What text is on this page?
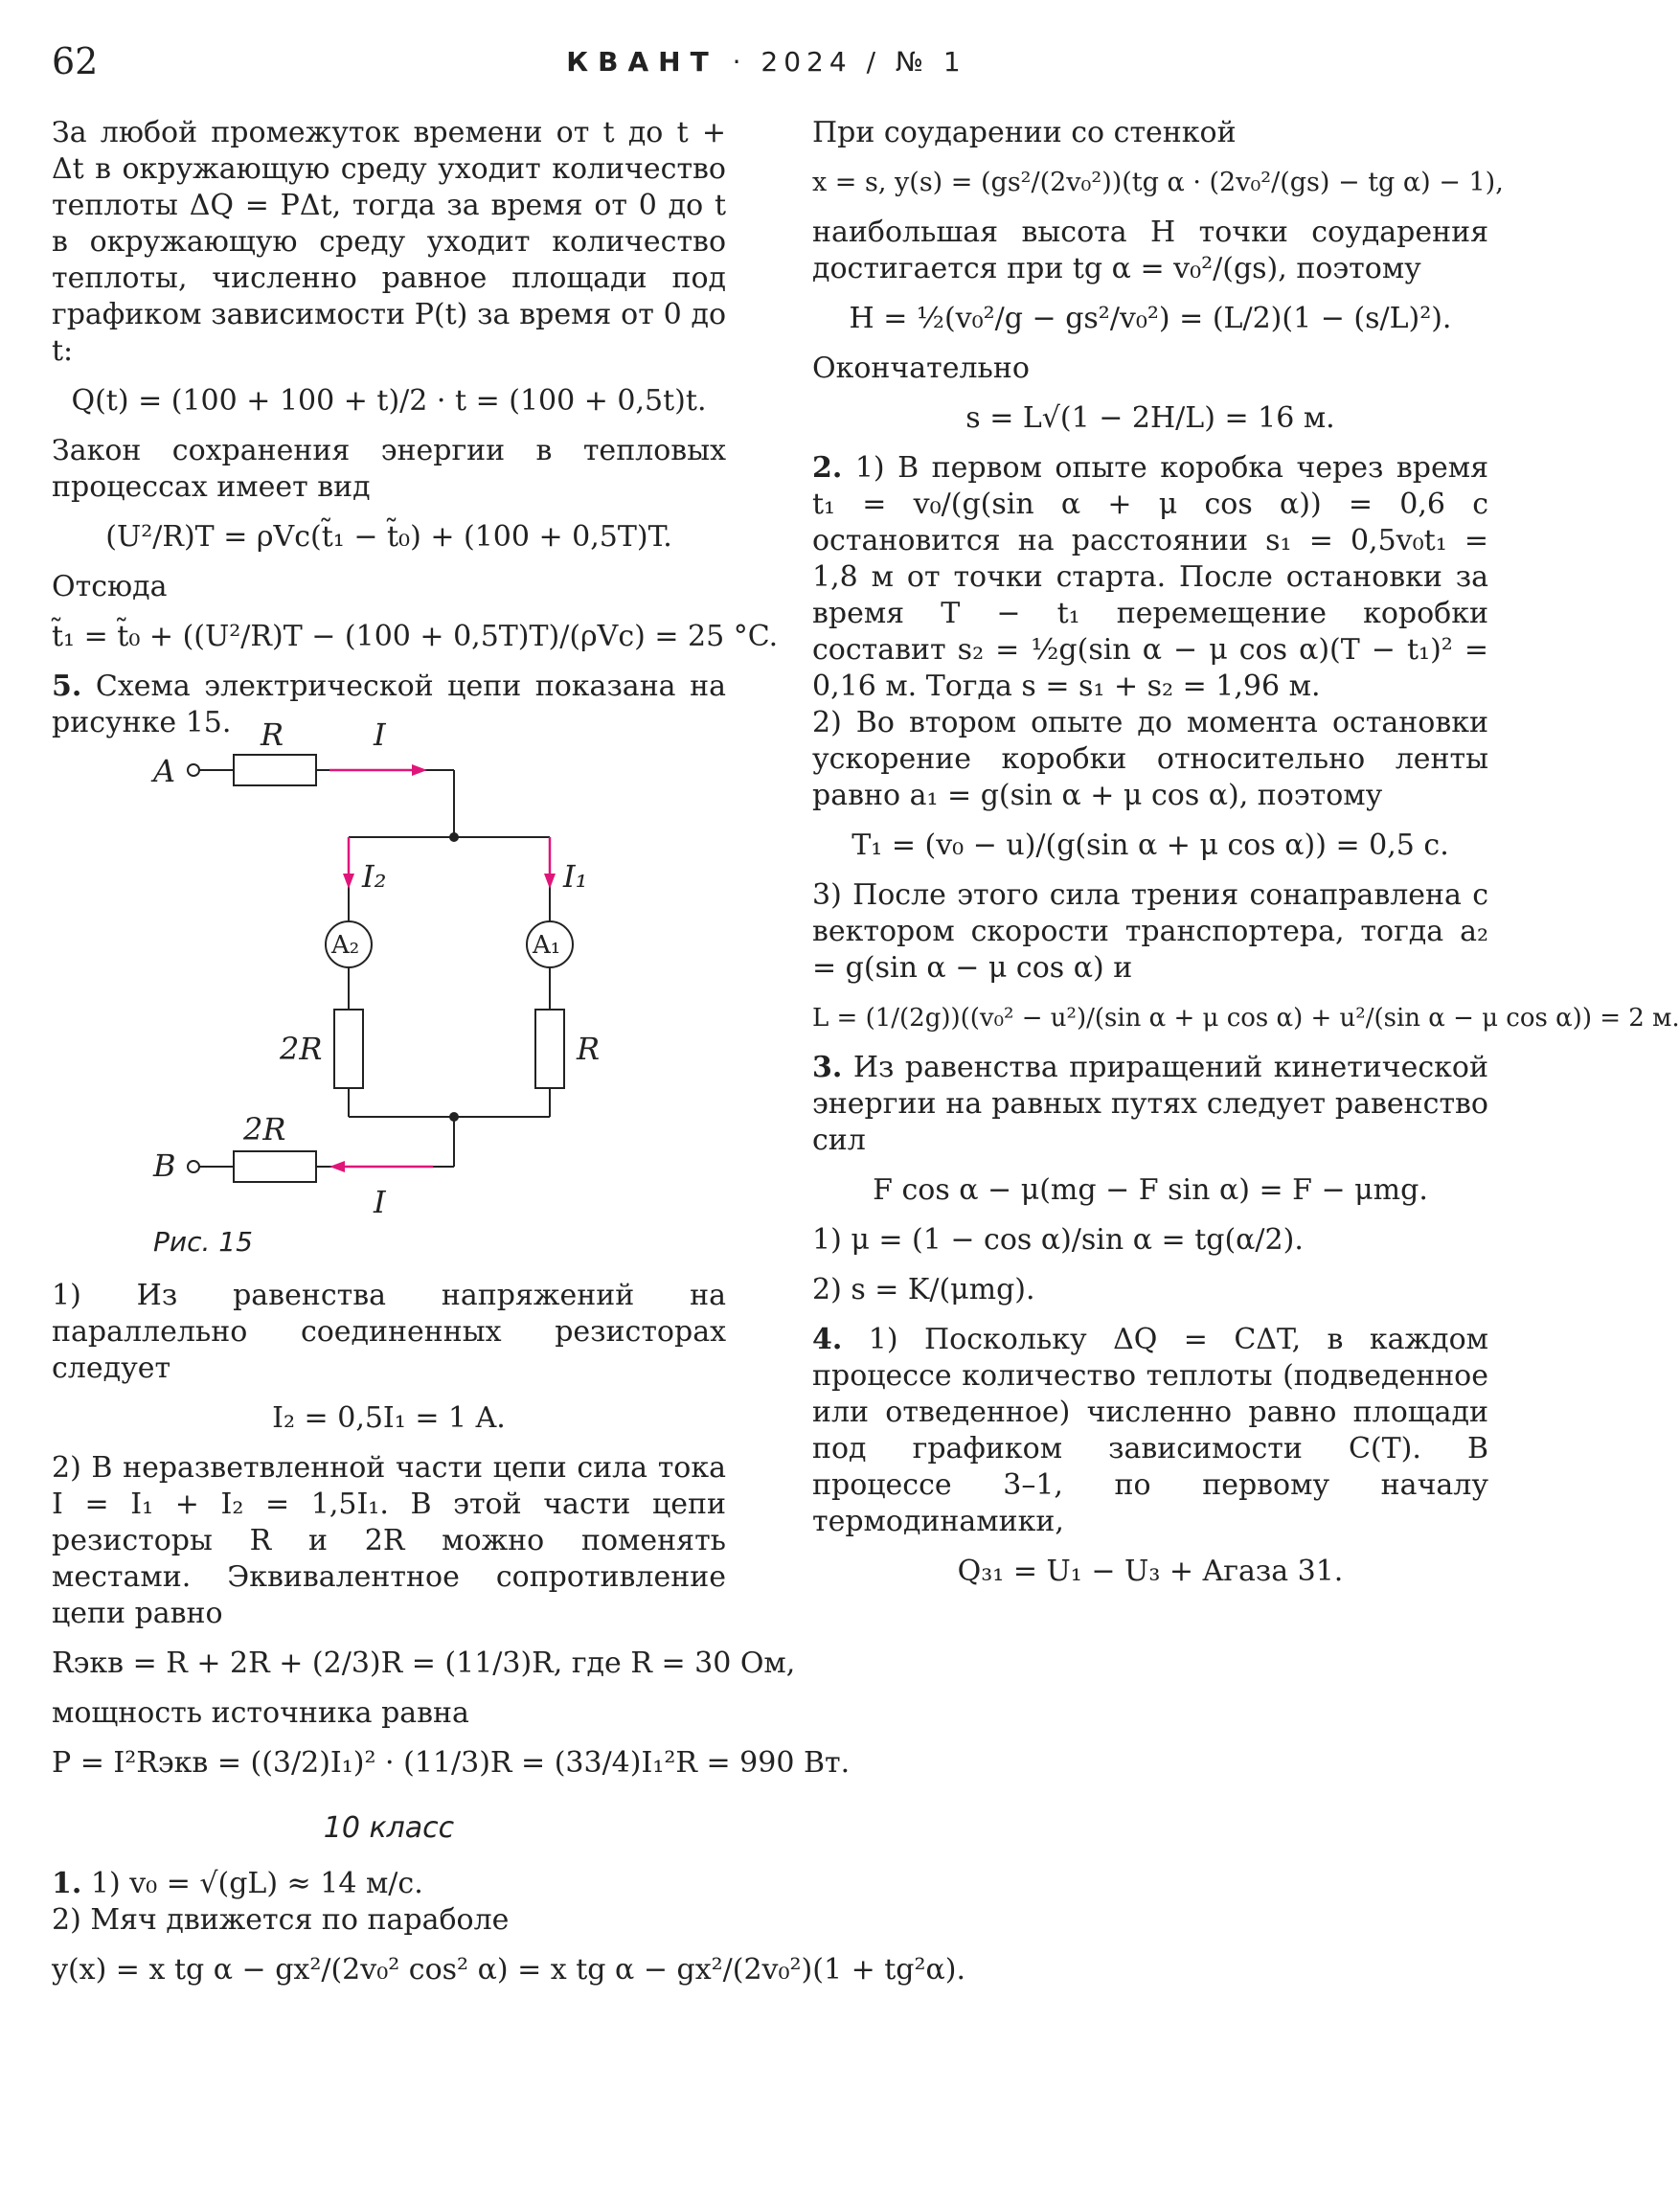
62	КВАНТ · 2024 / № 1

За любой промежуток времени от t до t + Δt в окружающую среду уходит количество теплоты ΔQ = PΔt, тогда за время от 0 до t в окружающую среду уходит количество теплоты, численно равное площади под графиком зависимости P(t) за время от 0 до t:

Q(t) = (100 + 100 + t)/2 · t = (100 + 0,5t)t.

Закон сохранения энергии в тепловых процессах имеет вид

(U²/R)T = ρVc(t̃₁ − t̃₀) + (100 + 0,5T)T.

Отсюда

t̃₁ = t̃₀ + ((U²/R)T − (100 + 0,5T)T)/(ρVc) = 25 °C.

5. Схема электрической цепи показана на рисунке 15.

A
R	I
I₂	I₁
A₂	A₁
2R	R
2R
B
I
Рис. 15

1) Из равенства напряжений на параллельно соединенных резисторах следует

I₂ = 0,5I₁ = 1 A.

2) В неразветвленной части цепи сила тока I = I₁ + I₂ = 1,5I₁. В этой части цепи резисторы R и 2R можно поменять местами. Эквивалентное сопротивление цепи равно

Rэкв = R + 2R + (2/3)R = (11/3)R, где R = 30 Ом,

мощность источника равна

P = I²Rэкв = ((3/2)I₁)² · (11/3)R = (33/4)I₁²R = 990 Вт.
10 класс

1. 1) v₀ = √(gL) ≈ 14 м/с.

2) Мяч движется по параболе

y(x) = x tg α − gx²/(2v₀² cos² α) = x tg α − gx²/(2v₀²)(1 + tg²α).

При соударении со стенкой

x = s, y(s) = (gs²/(2v₀²))(tg α · (2v₀²/(gs) − tg α) − 1),

наибольшая высота H точки соударения достигается при tg α = v₀²/(gs), поэтому

H = ½(v₀²/g − gs²/v₀²) = (L/2)(1 − (s/L)²).

Окончательно

s = L√(1 − 2H/L) = 16 м.

2. 1) В первом опыте коробка через время t₁ = v₀/(g(sin α + μ cos α)) = 0,6 с остановится на расстоянии s₁ = 0,5v₀t₁ = 1,8 м от точки старта. После остановки за время T − t₁ перемещение коробки составит s₂ = ½g(sin α − μ cos α)(T − t₁)² = 0,16 м. Тогда s = s₁ + s₂ = 1,96 м.

2) Во втором опыте до момента остановки ускорение коробки относительно ленты равно a₁ = g(sin α + μ cos α), поэтому

T₁ = (v₀ − u)/(g(sin α + μ cos α)) = 0,5 с.

3) После этого сила трения сонаправлена с вектором скорости транспортера, тогда a₂ = g(sin α − μ cos α) и

L = (1/(2g))((v₀² − u²)/(sin α + μ cos α) + u²/(sin α − μ cos α)) = 2 м.

3. Из равенства приращений кинетической энергии на равных путях следует равенство сил

F cos α − μ(mg − F sin α) = F − μmg.
1) μ = (1 − cos α)/sin α = tg(α/2).
2) s = K/(μmg).

4. 1) Поскольку ΔQ = CΔT, в каждом процессе количество теплоты (подведенное или отведенное) численно равно площади под графиком зависимости C(T). В процессе 3–1, по первому началу термодинамики,

Q₃₁ = U₁ − U₃ + Aгаза 31.
